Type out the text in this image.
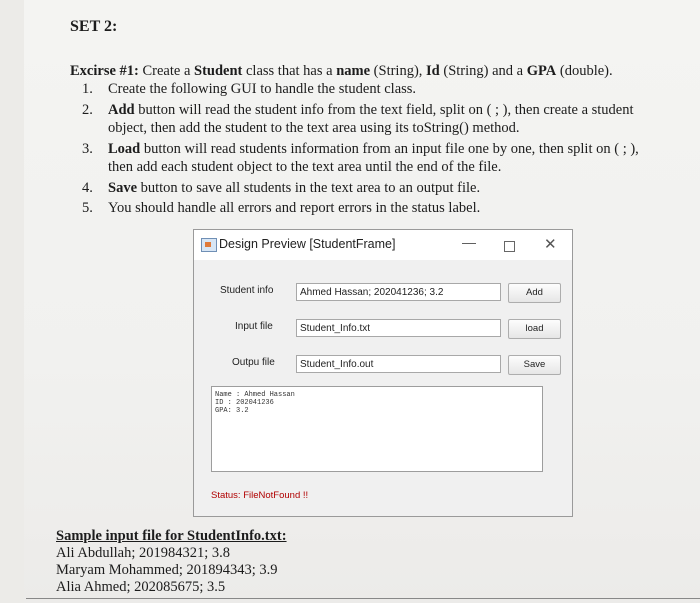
SET 2:
Excirse #1: Create a Student class that has a name (String), Id (String) and a GPA (double).
1. Create the following GUI to handle the student class.
2. Add button will read the student info from the text field, split on ( ; ), then create a student
object, then add the student to the text area using its toString() method.
3. Load button will read students information from an input file one by one, then split on ( ; ),
then add each student object to the text area until the end of the file.
4. Save button to save all students in the text area to an output file.
5. You should handle all errors and report errors in the status label.
Design Preview [StudentFrame]	—	✕
Student info	Ahmed Hassan; 202041236; 3.2	Add
Input file	Student_Info.txt	load
Outpu file	Student_Info.out	Save
Name : Ahmed Hassan
ID : 202041236
GPA: 3.2
Status: FileNotFound !!
Sample input file for StudentInfo.txt:
Ali Abdullah; 201984321; 3.8
Maryam Mohammed; 201894343; 3.9
Alia Ahmed; 202085675; 3.5
